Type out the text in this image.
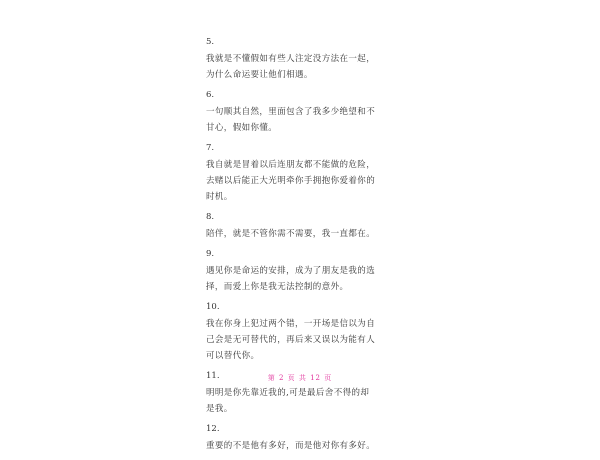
5.
我就是不懂假如有些人注定没方法在一起，为什么命运要让他们相遇。
6.
一句顺其自然，里面包含了我多少绝望和不甘心，假如你懂。
7.
我自就是冒着以后连朋友都不能做的危险，去赌以后能正大光明牵你手拥抱你爱着你的时机。
8.
陪伴，就是不管你需不需要，我一直都在。
9.
遇见你是命运的安排，成为了朋友是我的选择，而爱上你是我无法控制的意外。
10.
我在你身上犯过两个错，一开场是信以为自己会是无可替代的，再后来又误以为能有人可以替代你。
11.
明明是你先靠近我的,可是最后舍不得的却是我。
12.
重要的不是他有多好，而是他对你有多好。
第 2 页 共 12 页
